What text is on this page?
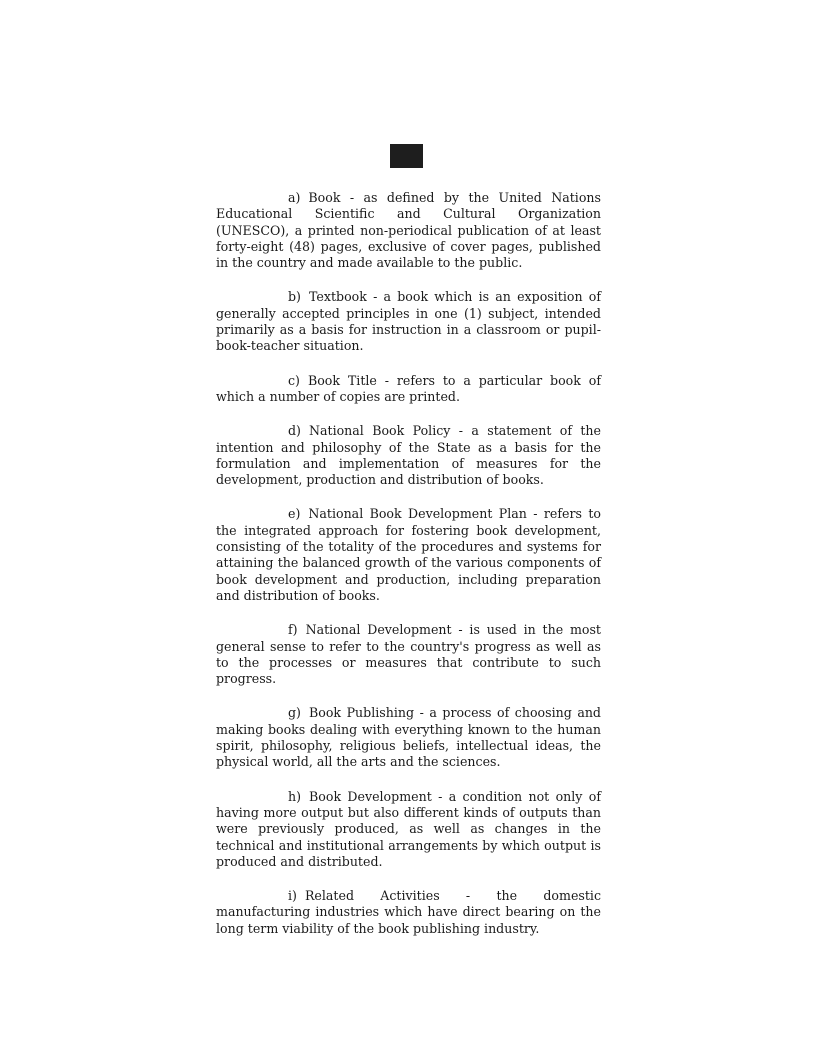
a) Book - as defined by the United Nations Educational Scientific and Cultural Organization (UNESCO), a printed non-periodical publication of at least forty-eight (48) pages, exclusive of cover pages, published in the country and made available to the public.

b) Textbook - a book which is an exposition of generally accepted principles in one (1) subject, intended primarily as a basis for instruction in a classroom or pupil-book-teacher situation.

c) Book Title - refers to a particular book of which a number of copies are printed.

d) National Book Policy - a statement of the intention and philosophy of the State as a basis for the formulation and implementation of measures for the development, production and distribution of books.

e) National Book Development Plan - refers to the integrated approach for fostering book development, consisting of the totality of the procedures and systems for attaining the balanced growth of the various components of book development and production, including preparation and distribution of books.

f) National Development - is used in the most general sense to refer to the country's progress as well as to the processes or measures that contribute to such progress.

g) Book Publishing - a process of choosing and making books dealing with everything known to the human spirit, philosophy, religious beliefs, intellectual ideas, the physical world, all the arts and the sciences.

h) Book Development - a condition not only of having more output but also different kinds of outputs than were previously produced, as well as changes in the technical and institutional arrangements by which output is produced and distributed.

i) Related Activities - the domestic manufacturing industries which have direct bearing on the long term viability of the book publishing industry.
